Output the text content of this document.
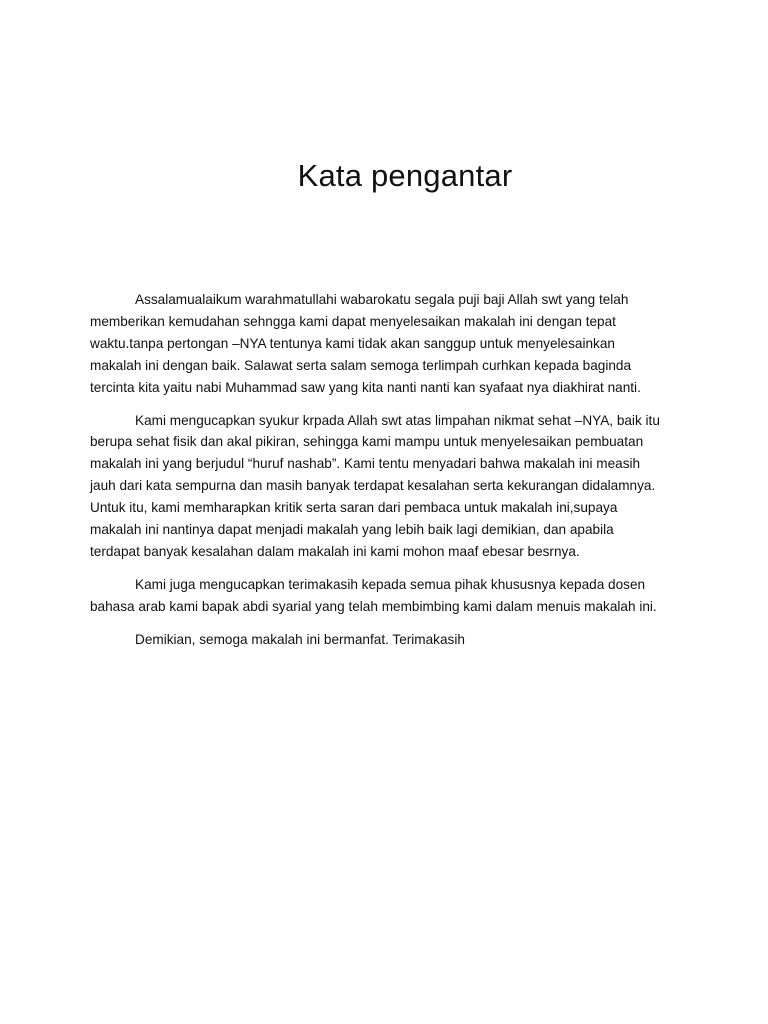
Kata pengantar

Assalamualaikum warahmatullahi wabarokatu segala puji baji Allah swt yang telah
memberikan kemudahan sehngga kami dapat menyelesaikan makalah ini dengan tepat
waktu.tanpa pertongan –NYA tentunya kami tidak akan sanggup untuk menyelesainkan
makalah ini dengan baik. Salawat serta salam semoga terlimpah curhkan kepada baginda
tercinta kita yaitu nabi Muhammad saw yang kita nanti nanti kan syafaat nya diakhirat nanti.

Kami mengucapkan syukur krpada Allah swt atas limpahan nikmat sehat –NYA, baik itu
berupa sehat fisik dan akal pikiran, sehingga kami mampu untuk menyelesaikan pembuatan
makalah ini yang berjudul “huruf nashab”. Kami tentu menyadari bahwa makalah ini measih
jauh dari kata sempurna dan masih banyak terdapat kesalahan serta kekurangan didalamnya.
Untuk itu, kami memharapkan kritik serta saran dari pembaca untuk makalah ini,supaya
makalah ini nantinya dapat menjadi makalah yang lebih baik lagi demikian, dan apabila
terdapat banyak kesalahan dalam makalah ini kami mohon maaf ebesar besrnya.

Kami juga mengucapkan terimakasih kepada semua pihak khususnya kepada dosen
bahasa arab kami bapak abdi syarial yang telah membimbing kami dalam menuis makalah ini.

Demikian, semoga makalah ini bermanfat. Terimakasih
